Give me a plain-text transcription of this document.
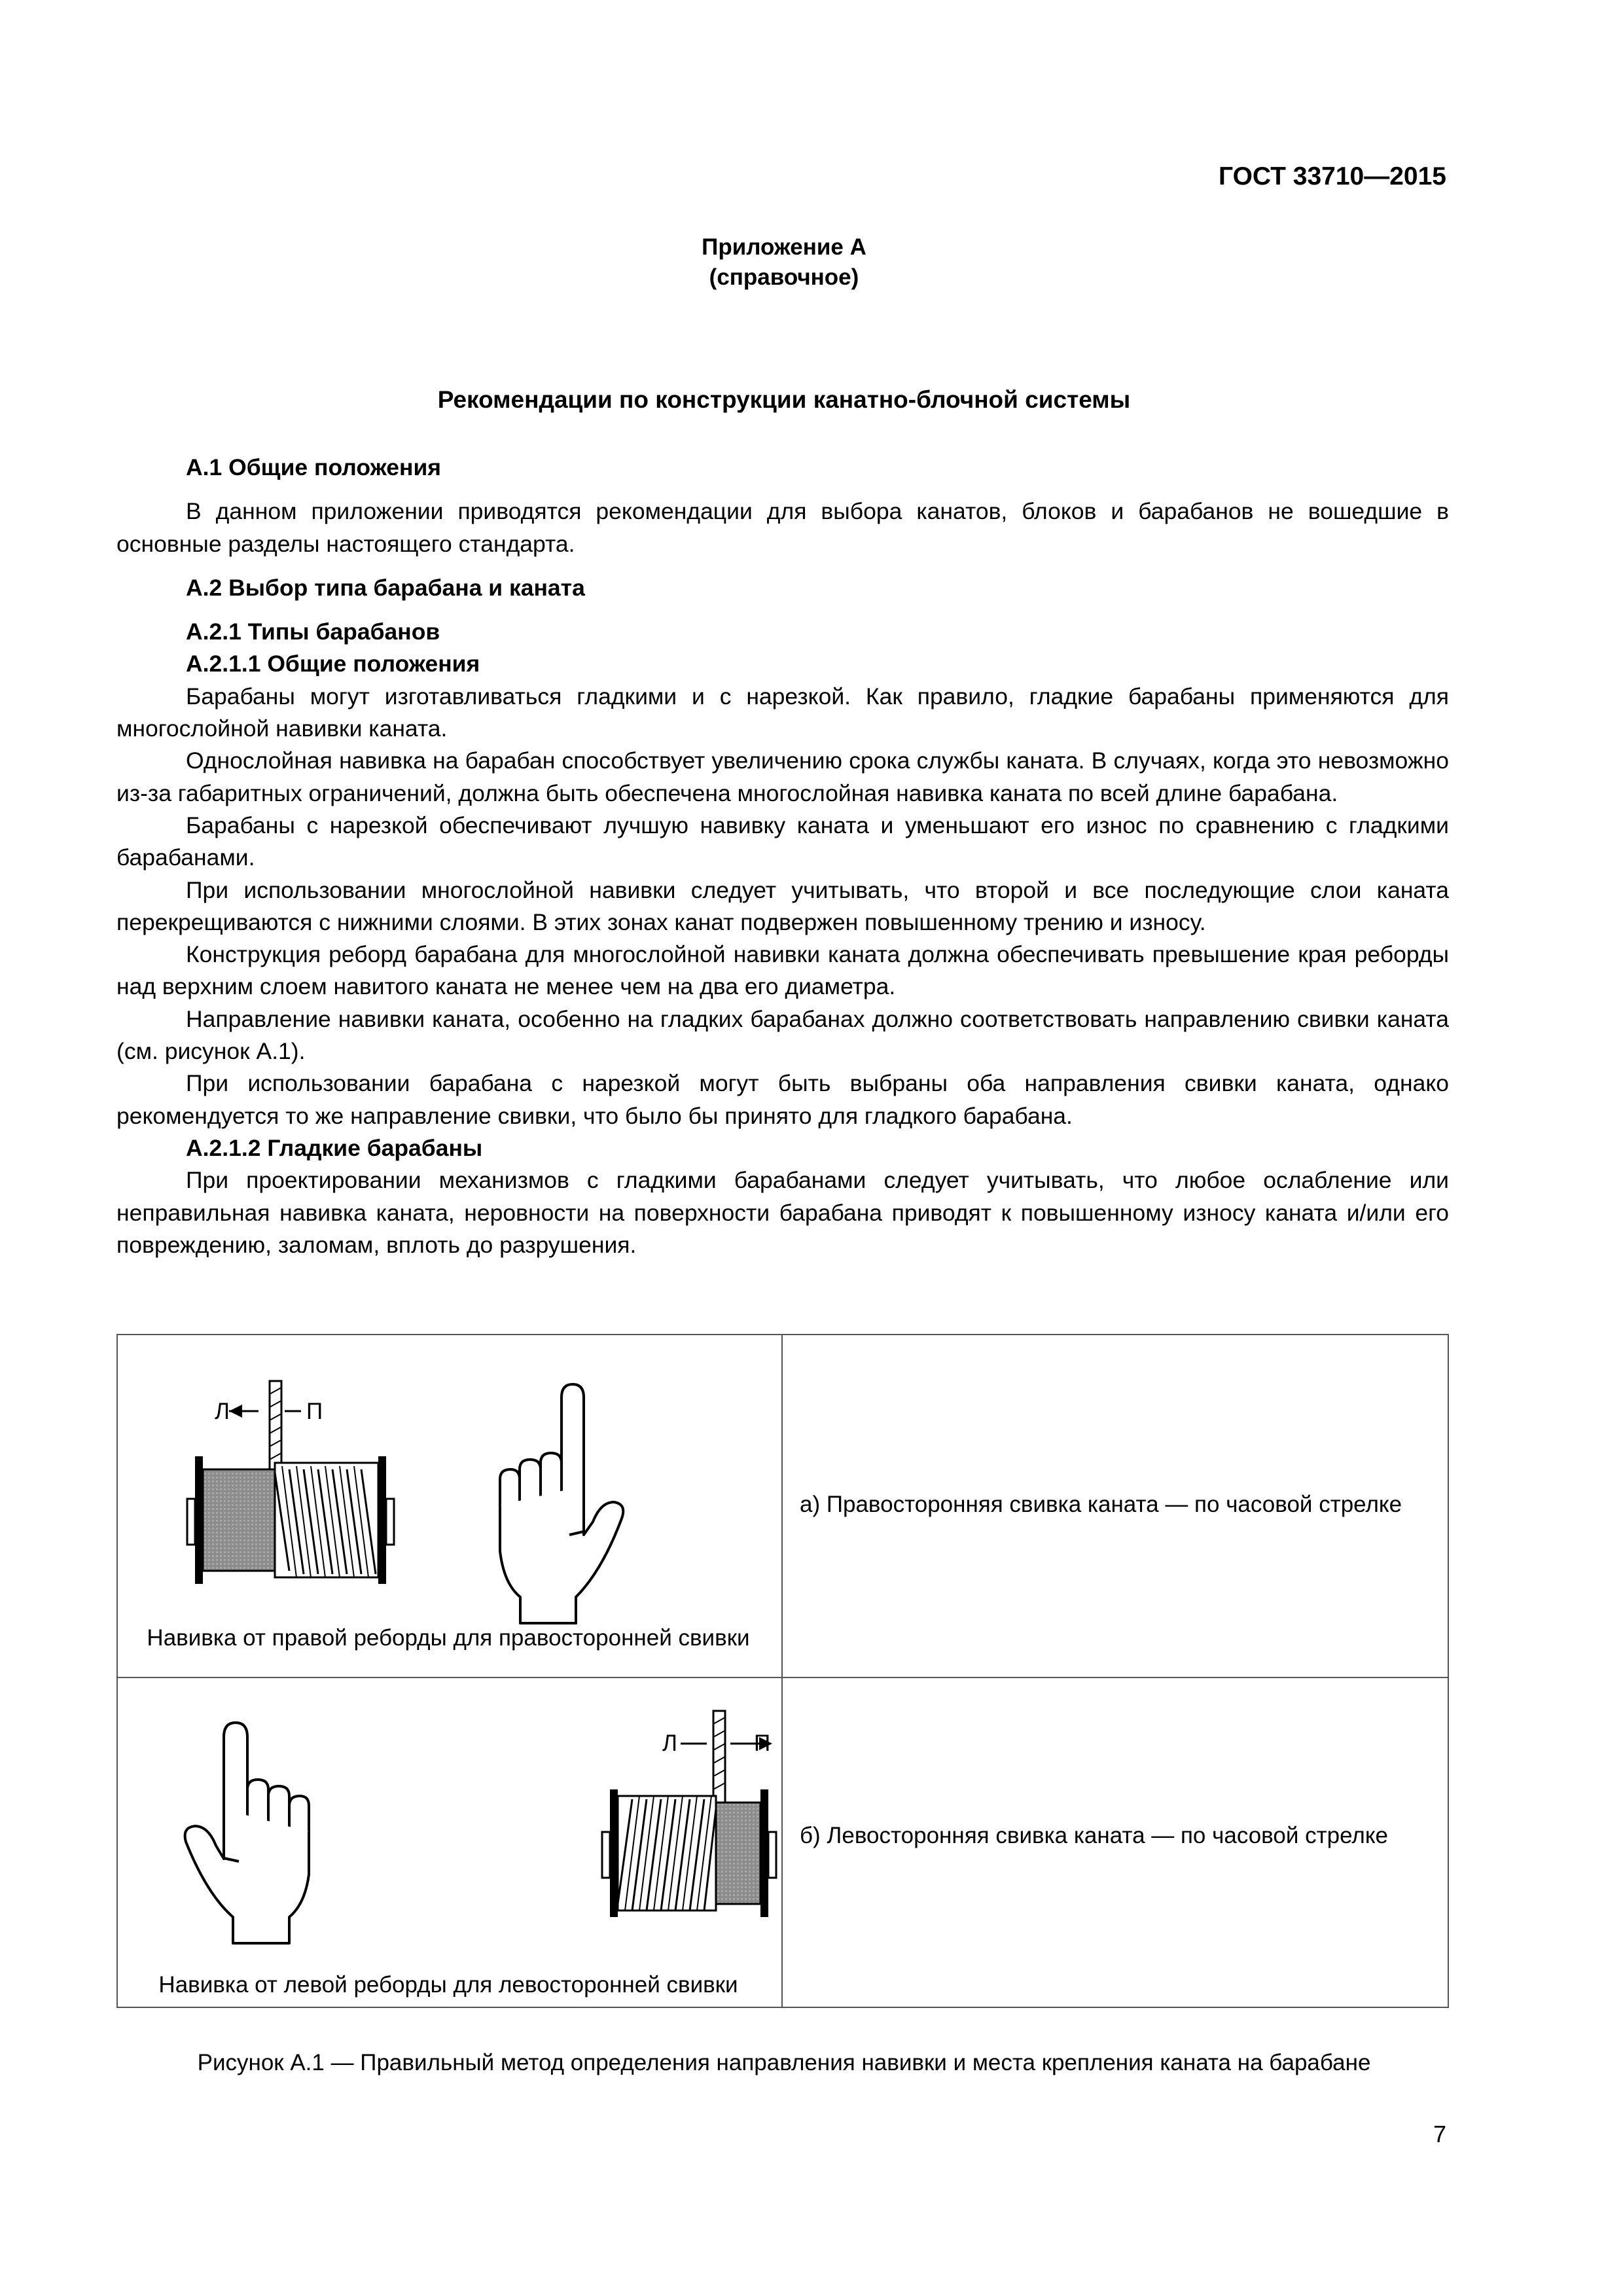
ГОСТ 33710—2015
Приложение А
(справочное)
Рекомендации по конструкции канатно-блочной системы
А.1 Общие положения
В данном приложении приводятся рекомендации для выбора канатов, блоков и барабанов не вошедшие в основные разделы настоящего стандарта.
А.2 Выбор типа барабана и каната
А.2.1 Типы барабанов
А.2.1.1 Общие положения
Барабаны могут изготавливаться гладкими и с нарезкой. Как правило, гладкие барабаны применяются для многослойной навивки каната.
Однослойная навивка на барабан способствует увеличению срока службы каната. В случаях, когда это невозможно из-за габаритных ограничений, должна быть обеспечена многослойная навивка каната по всей длине барабана.
Барабаны с нарезкой обеспечивают лучшую навивку каната и уменьшают его износ по сравнению с гладкими барабанами.
При использовании многослойной навивки следует учитывать, что второй и все последующие слои каната перекрещиваются с нижними слоями. В этих зонах канат подвержен повышенному трению и износу.
Конструкция реборд барабана для многослойной навивки каната должна обеспечивать превышение края реборды над верхним слоем навитого каната не менее чем на два его диаметра.
Направление навивки каната, особенно на гладких барабанах должно соответствовать направлению свивки каната (см. рисунок А.1).
При использовании барабана с нарезкой могут быть выбраны оба направления свивки каната, однако рекомендуется то же направление свивки, что было бы принято для гладкого барабана.
А.2.1.2 Гладкие барабаны
При проектировании механизмов с гладкими барабанами следует учитывать, что любое ослабление или неправильная навивка каната, неровности на поверхности барабана приводят к повышенному износу каната и/или его повреждению, заломам, вплоть до разрушения.
Л	П
Навивка от правой реборды для правосторонней свивки
а) Правосторонняя свивка каната — по часовой стрелке
Л	П
Навивка от левой реборды для левосторонней свивки
б) Левосторонняя свивка каната — по часовой стрелке
Рисунок А.1 — Правильный метод определения направления навивки и места крепления каната на барабане
7
